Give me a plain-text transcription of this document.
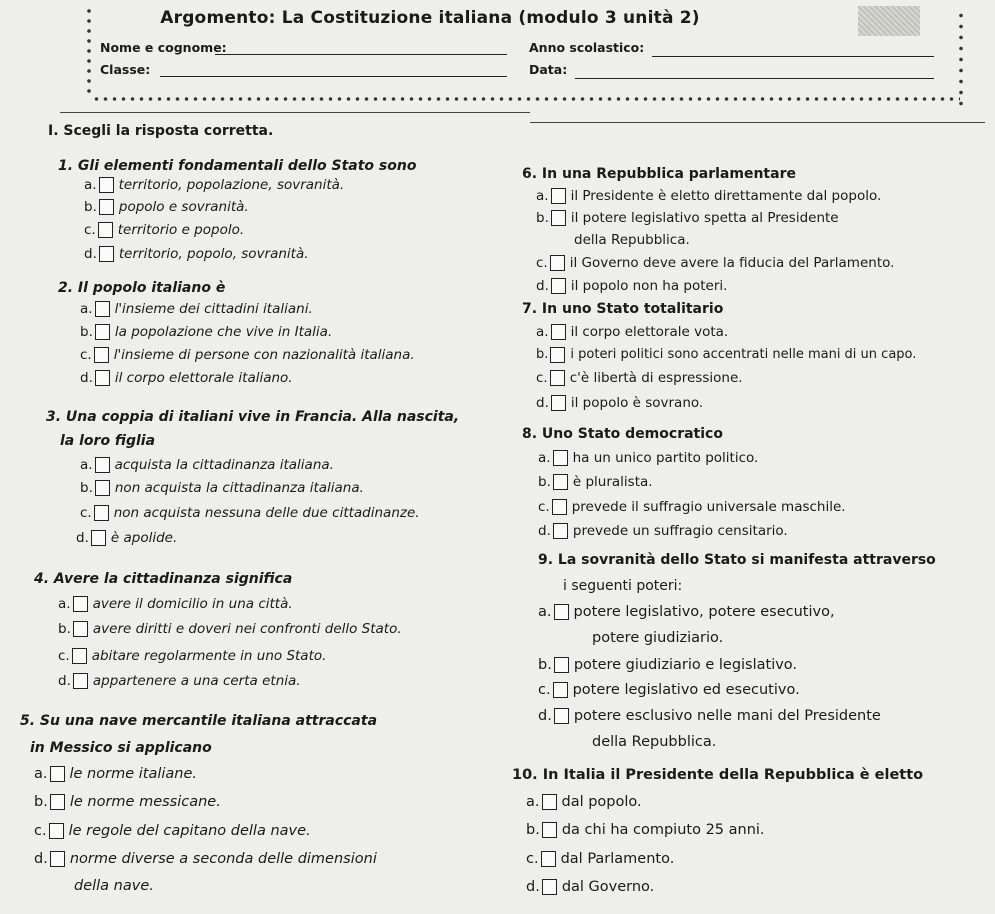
Argomento: La Costituzione italiana (modulo 3 unità 2)
Nome e cognome:	Anno scolastico:
Classe:	Data:
I. Scegli la risposta corretta.
1. Gli elementi fondamentali dello Stato sono
a. territorio, popolazione, sovranità.
b. popolo e sovranità.
c. territorio e popolo.
d. territorio, popolo, sovranità.
2. Il popolo italiano è
a. l'insieme dei cittadini italiani.
b. la popolazione che vive in Italia.
c. l'insieme di persone con nazionalità italiana.
d. il corpo elettorale italiano.
3. Una coppia di italiani vive in Francia. Alla nascita,
la loro figlia
a. acquista la cittadinanza italiana.
b. non acquista la cittadinanza italiana.
c. non acquista nessuna delle due cittadinanze.
d. è apolide.
4. Avere la cittadinanza significa
a. avere il domicilio in una città.
b. avere diritti e doveri nei confronti dello Stato.
c. abitare regolarmente in uno Stato.
d. appartenere a una certa etnia.
5. Su una nave mercantile italiana attraccata
in Messico si applicano
a. le norme italiane.
b. le norme messicane.
c. le regole del capitano della nave.
d. norme diverse a seconda delle dimensioni
della nave.
6. In una Repubblica parlamentare
a. il Presidente è eletto direttamente dal popolo.
b. il potere legislativo spetta al Presidente
della Repubblica.
c. il Governo deve avere la fiducia del Parlamento.
d. il popolo non ha poteri.
7. In uno Stato totalitario
a. il corpo elettorale vota.
b. i poteri politici sono accentrati nelle mani di un capo.
c. c'è libertà di espressione.
d. il popolo è sovrano.
8. Uno Stato democratico
a. ha un unico partito politico.
b. è pluralista.
c. prevede il suffragio universale maschile.
d. prevede un suffragio censitario.
9. La sovranità dello Stato si manifesta attraverso
i seguenti poteri:
a. potere legislativo, potere esecutivo,
potere giudiziario.
b. potere giudiziario e legislativo.
c. potere legislativo ed esecutivo.
d. potere esclusivo nelle mani del Presidente
della Repubblica.
10. In Italia il Presidente della Repubblica è eletto
a. dal popolo.
b. da chi ha compiuto 25 anni.
c. dal Parlamento.
d. dal Governo.
